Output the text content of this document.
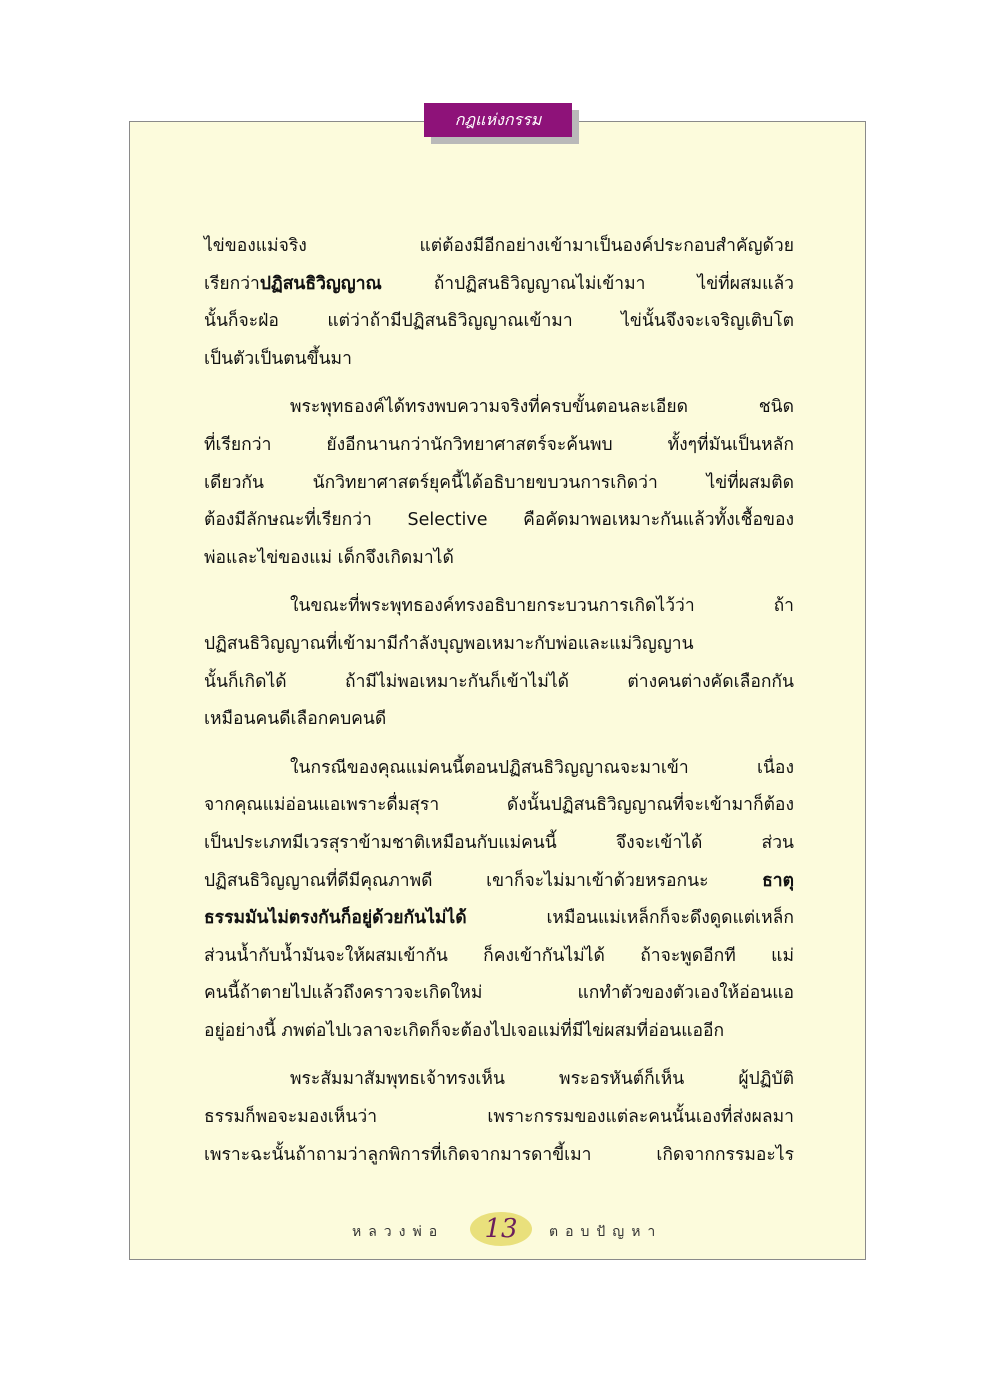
กฎแห่งกรรม
ไข่ของแม่จริง แต่ต้องมีอีกอย่างเข้ามาเป็นองค์ประกอบสำคัญด้วย
เรียกว่าปฏิสนธิวิญญาณ ถ้าปฏิสนธิวิญญาณไม่เข้ามา ไข่ที่ผสมแล้ว
นั้นก็จะฝ่อ แต่ว่าถ้ามีปฏิสนธิวิญญาณเข้ามา ไข่นั้นจึงจะเจริญเติบโต
เป็นตัวเป็นตนขึ้นมา
พระพุทธองค์ได้ทรงพบความจริงที่ครบขั้นตอนละเอียด ชนิด
ที่เรียกว่า ยังอีกนานกว่านักวิทยาศาสตร์จะค้นพบ ทั้งๆที่มันเป็นหลัก
เดียวกัน นักวิทยาศาสตร์ยุคนี้ได้อธิบายขบวนการเกิดว่า ไข่ที่ผสมติด
ต้องมีลักษณะที่เรียกว่า Selective คือคัดมาพอเหมาะกันแล้วทั้งเชื้อของ
พ่อและไข่ของแม่ เด็กจึงเกิดมาได้
ในขณะที่พระพุทธองค์ทรงอธิบายกระบวนการเกิดไว้ว่า ถ้า
ปฏิสนธิวิญญาณที่เข้ามามีกำลังบุญพอเหมาะกับพ่อและแม่วิญญาน
นั้นก็เกิดได้ ถ้ามีไม่พอเหมาะกันก็เข้าไม่ได้ ต่างคนต่างคัดเลือกกัน
เหมือนคนดีเลือกคบคนดี
ในกรณีของคุณแม่คนนี้ตอนปฏิสนธิวิญญาณจะมาเข้า เนื่อง
จากคุณแม่อ่อนแอเพราะดื่มสุรา ดังนั้นปฏิสนธิวิญญาณที่จะเข้ามาก็ต้อง
เป็นประเภทมีเวรสุราข้ามชาติเหมือนกับแม่คนนี้ จึงจะเข้าได้ ส่วน
ปฏิสนธิวิญญาณที่ดีมีคุณภาพดี เขาก็จะไม่มาเข้าด้วยหรอกนะ ธาตุ
ธรรมมันไม่ตรงกันก็อยู่ด้วยกันไม่ได้ เหมือนแม่เหล็กก็จะดึงดูดแต่เหล็ก
ส่วนน้ำกับน้ำมันจะให้ผสมเข้ากัน ก็คงเข้ากันไม่ได้ ถ้าจะพูดอีกที แม่
คนนี้ถ้าตายไปแล้วถึงคราวจะเกิดใหม่ แกทำตัวของตัวเองให้อ่อนแอ
อยู่อย่างนี้ ภพต่อไปเวลาจะเกิดก็จะต้องไปเจอแม่ที่มีไข่ผสมที่อ่อนแออีก
พระสัมมาสัมพุทธเจ้าทรงเห็น พระอรหันต์ก็เห็น ผู้ปฏิบัติ
ธรรมก็พอจะมองเห็นว่า เพราะกรรมของแต่ละคนนั้นเองที่ส่งผลมา
เพราะฉะนั้นถ้าถามว่าลูกพิการที่เกิดจากมารดาขี้เมา เกิดจากกรรมอะไร
หลวงพ่อ	13	ตอบปัญหา
